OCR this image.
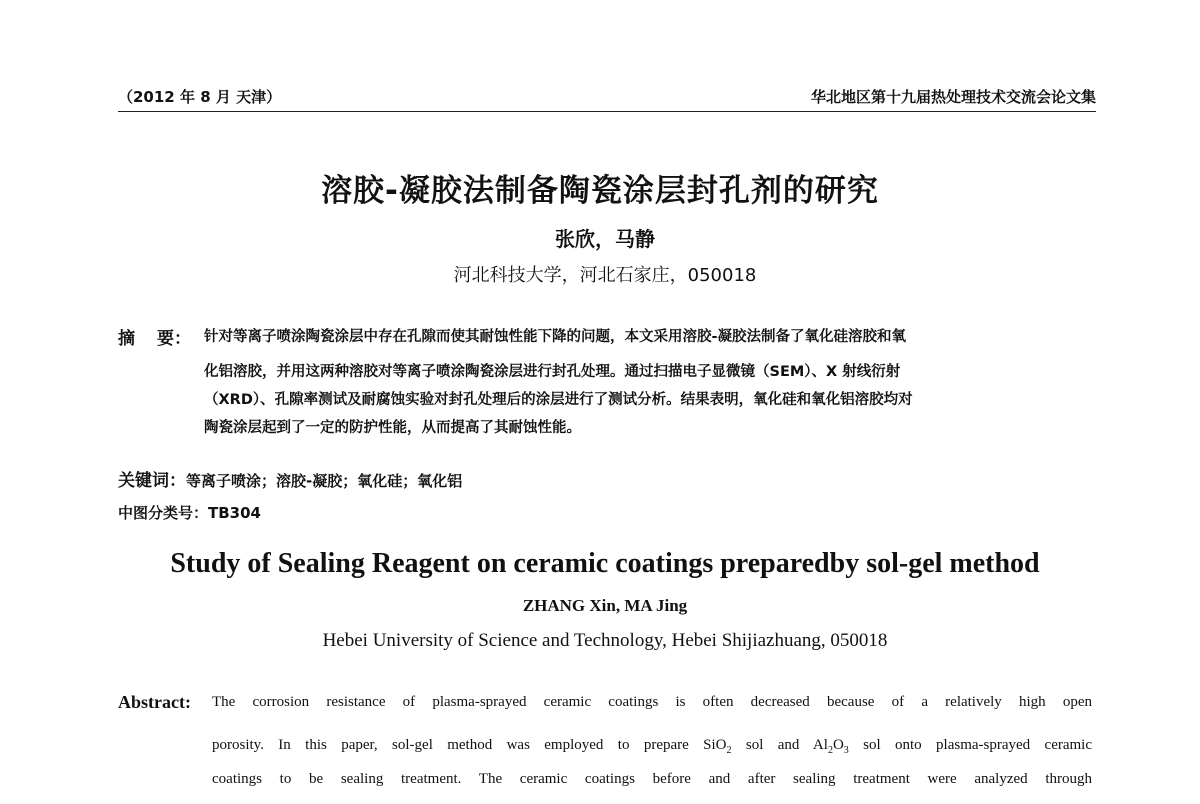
（2012 年 8 月 天津）	华北地区第十九届热处理技术交流会论文集
溶胶-凝胶法制备陶瓷涂层封孔剂的研究
张欣，马静
河北科技大学，河北石家庄，050018
摘 要： 针对等离子喷涂陶瓷涂层中存在孔隙而使其耐蚀性能下降的问题，本文采用溶胶-凝胶法制备了氧化硅溶胶和氧
化铝溶胶，并用这两种溶胶对等离子喷涂陶瓷涂层进行封孔处理。通过扫描电子显微镜（SEM）、X 射线衍射
（XRD）、孔隙率测试及耐腐蚀实验对封孔处理后的涂层进行了测试分析。结果表明，氧化硅和氧化铝溶胶均对
陶瓷涂层起到了一定的防护性能，从而提高了其耐蚀性能。
关键词：等离子喷涂；溶胶-凝胶；氧化硅；氧化铝
中图分类号：TB304
Study of Sealing Reagent on ceramic coatings preparedby sol-gel method
ZHANG Xin, MA Jing
Hebei University of Science and Technology, Hebei Shijiazhuang, 050018
Abstract: The corrosion resistance of plasma-sprayed ceramic coatings is often decreased because of a relatively high open
porosity. In this paper, sol-gel method was employed to prepare SiO$_2$ sol and $Al_2O_3$ sol onto plasma-sprayed ceramic
coatings to be sealing treatment. The ceramic coatings before and after sealing treatment were analyzed through
